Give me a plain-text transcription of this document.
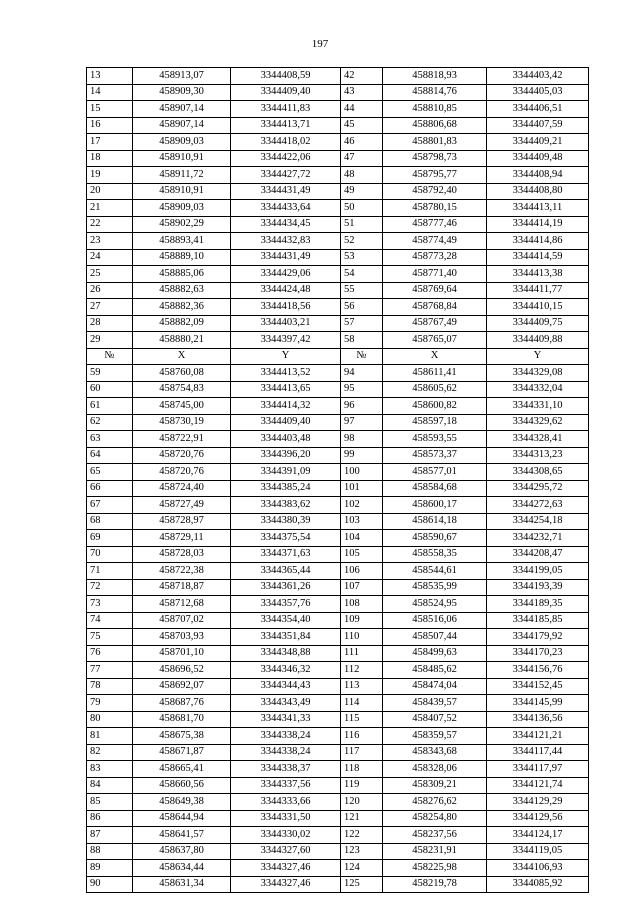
197
13	458913,07	3344408,59	42	458818,93	3344403,42
14	458909,30	3344409,40	43	458814,76	3344405,03
15	458907,14	3344411,83	44	458810,85	3344406,51
16	458907,14	3344413,71	45	458806,68	3344407,59
17	458909,03	3344418,02	46	458801,83	3344409,21
18	458910,91	3344422,06	47	458798,73	3344409,48
19	458911,72	3344427,72	48	458795,77	3344408,94
20	458910,91	3344431,49	49	458792,40	3344408,80
21	458909,03	3344433,64	50	458780,15	3344413,11
22	458902,29	3344434,45	51	458777,46	3344414,19
23	458893,41	3344432,83	52	458774,49	3344414,86
24	458889,10	3344431,49	53	458773,28	3344414,59
25	458885,06	3344429,06	54	458771,40	3344413,38
26	458882,63	3344424,48	55	458769,64	3344411,77
27	458882,36	3344418,56	56	458768,84	3344410,15
28	458882,09	3344403,21	57	458767,49	3344409,75
29	458880,21	3344397,42	58	458765,07	3344409,88
№	X	Y	№	X	Y
59	458760,08	3344413,52	94	458611,41	3344329,08
60	458754,83	3344413,65	95	458605,62	3344332,04
61	458745,00	3344414,32	96	458600,82	3344331,10
62	458730,19	3344409,40	97	458597,18	3344329,62
63	458722,91	3344403,48	98	458593,55	3344328,41
64	458720,76	3344396,20	99	458573,37	3344313,23
65	458720,76	3344391,09	100	458577,01	3344308,65
66	458724,40	3344385,24	101	458584,68	3344295,72
67	458727,49	3344383,62	102	458600,17	3344272,63
68	458728,97	3344380,39	103	458614,18	3344254,18
69	458729,11	3344375,54	104	458590,67	3344232,71
70	458728,03	3344371,63	105	458558,35	3344208,47
71	458722,38	3344365,44	106	458544,61	3344199,05
72	458718,87	3344361,26	107	458535,99	3344193,39
73	458712,68	3344357,76	108	458524,95	3344189,35
74	458707,02	3344354,40	109	458516,06	3344185,85
75	458703,93	3344351,84	110	458507,44	3344179,92
76	458701,10	3344348,88	111	458499,63	3344170,23
77	458696,52	3344346,32	112	458485,62	3344156,76
78	458692,07	3344344,43	113	458474,04	3344152,45
79	458687,76	3344343,49	114	458439,57	3344145,99
80	458681,70	3344341,33	115	458407,52	3344136,56
81	458675,38	3344338,24	116	458359,57	3344121,21
82	458671,87	3344338,24	117	458343,68	3344117,44
83	458665,41	3344338,37	118	458328,06	3344117,97
84	458660,56	3344337,56	119	458309,21	3344121,74
85	458649,38	3344333,66	120	458276,62	3344129,29
86	458644,94	3344331,50	121	458254,80	3344129,56
87	458641,57	3344330,02	122	458237,56	3344124,17
88	458637,80	3344327,60	123	458231,91	3344119,05
89	458634,44	3344327,46	124	458225,98	3344106,93
90	458631,34	3344327,46	125	458219,78	3344085,92
